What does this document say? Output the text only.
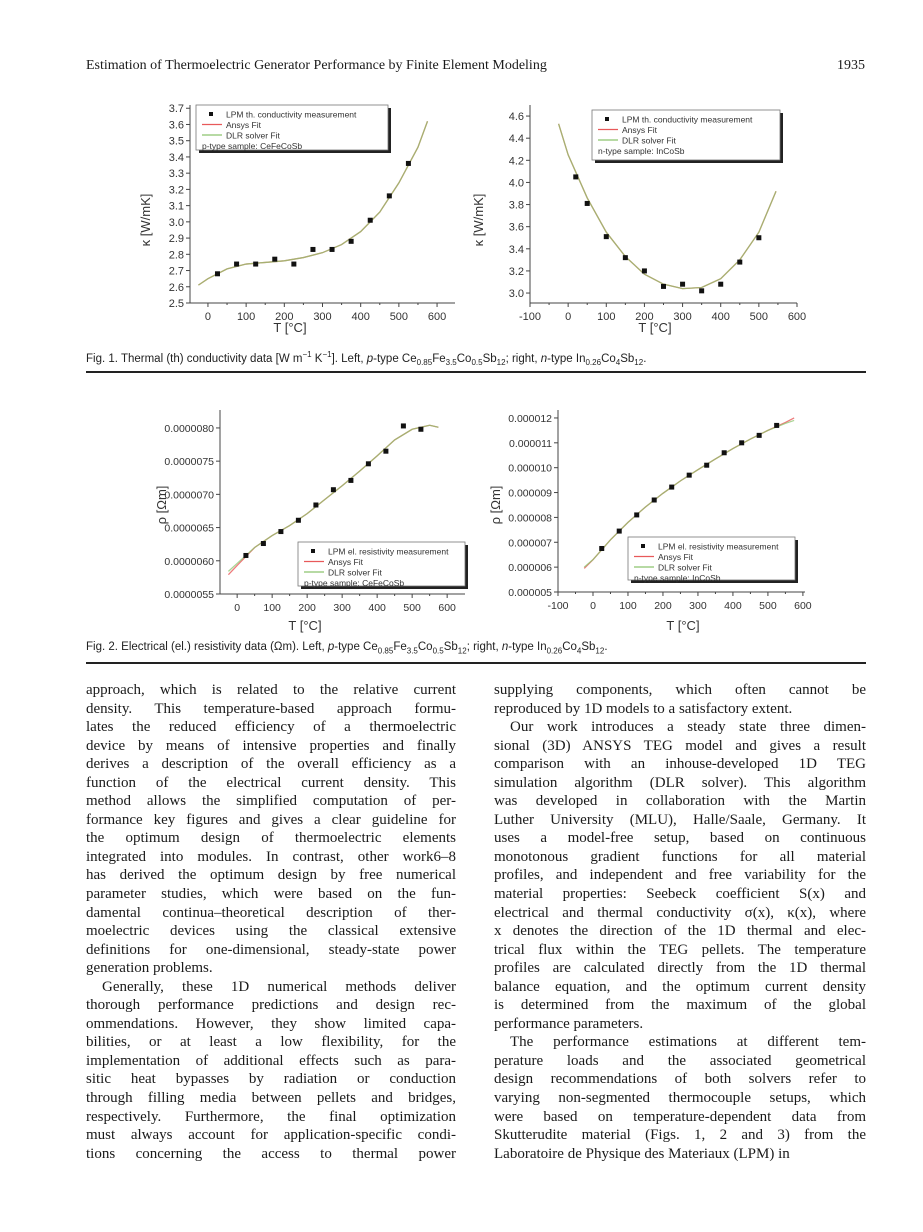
Estimation of Thermoelectric Generator Performance by Finite Element Modeling	1935
0 100 200 300 400 500 600
2.5
2.6
2.7
2.8
2.9
3.0
3.1
3.2
3.3
3.4
3.5
3.6
3.7
T [°C]
κ [W/mK]
LPM th. conductivity measurement
Ansys Fit
DLR solver Fit
p-type sample: CeFeCoSb
-100 0 100 200 300 400 500 600
3.0
3.2
3.4
3.6
3.8
4.0
4.2
4.4
4.6
T [°C]
κ [W/mK]
LPM th. conductivity measurement
Ansys Fit
DLR solver Fit
n-type sample: InCoSb
0 100 200 300 400 500 600
0.0000055
0.0000060
0.0000065
0.0000070
0.0000075
0.0000080
T [°C]
ρ [Ωm]
LPM el. resistivity measurement
Ansys Fit
DLR solver Fit
p-type sample: CeFeCoSb
-100 0 100 200 300 400 500 600
0.000005
0.000006
0.000007
0.000008
0.000009
0.000010
0.000011
0.000012
T [°C]
ρ [Ωm]
LPM el. resistivity measurement
Ansys Fit
DLR solver Fit
n-type sample: InCoSb
Fig. 1. Thermal (th) conductivity data [W $m^{-1}$ $K^{-1}$]. Left, p-type $Ce_{0.85}Fe_{3.5}Co_{0.5}Sb_{12}$; right, n-type $In_{0.26}Co_4Sb_{12}$.
Fig. 2. Electrical (el.) resistivity data (Ωm). Left, p-type $Ce_{0.85}Fe_{3.5}Co_{0.5}Sb_{12}$; right, n-type $In_{0.26}Co_4Sb_{12}$.
approach, which is related to the relative current
density. This temperature-based approach formu-
lates the reduced efficiency of a thermoelectric
device by means of intensive properties and finally
derives a description of the overall efficiency as a
function of the electrical current density. This
method allows the simplified computation of per-
formance key figures and gives a clear guideline for
the optimum design of thermoelectric elements
integrated into modules. In contrast, other work6–8
has derived the optimum design by free numerical
parameter studies, which were based on the fun-
damental continua–theoretical description of ther-
moelectric devices using the classical extensive
definitions for one-dimensional, steady-state power
generation problems.
Generally, these 1D numerical methods deliver
thorough performance predictions and design rec-
ommendations. However, they show limited capa-
bilities, or at least a low flexibility, for the
implementation of additional effects such as para-
sitic heat bypasses by radiation or conduction
through filling media between pellets and bridges,
respectively. Furthermore, the final optimization
must always account for application-specific condi-
tions concerning the access to thermal power
supplying components, which often cannot be
reproduced by 1D models to a satisfactory extent.
Our work introduces a steady state three dimen-
sional (3D) ANSYS TEG model and gives a result
comparison with an inhouse-developed 1D TEG
simulation algorithm (DLR solver). This algorithm
was developed in collaboration with the Martin
Luther University (MLU), Halle/Saale, Germany. It
uses a model-free setup, based on continuous
monotonous gradient functions for all material
profiles, and independent and free variability for the
material properties: Seebeck coefficient S(x) and
electrical and thermal conductivity σ(x), κ(x), where
x denotes the direction of the 1D thermal and elec-
trical flux within the TEG pellets. The temperature
profiles are calculated directly from the 1D thermal
balance equation, and the optimum current density
is determined from the maximum of the global
performance parameters.
The performance estimations at different tem-
perature loads and the associated geometrical
design recommendations of both solvers refer to
varying non-segmented thermocouple setups, which
were based on temperature-dependent data from
Skutterudite material (Figs. 1, 2 and 3) from the
Laboratoire de Physique des Materiaux (LPM) in
